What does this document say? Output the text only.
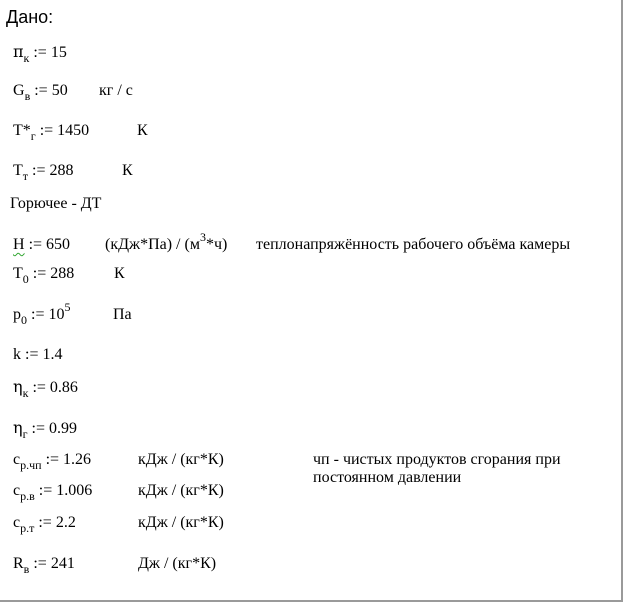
Дано:
$\pi_к$ := 15
$G_в$ := 50 кг / с
$T*_г$ := 1450	К
$T_т$ := 288	К
Горючее - ДТ
H := 650 $(кДж*Па) / (м^3*ч)$ теплонапряжённость рабочего объёма камеры
$T_0$ := 288 К
$p_0$ := $10^5$	Па
k := 1.4
$\eta_к$ := 0.86
$\eta_г$ := 0.99
$c_{р.чп}$ := 1.26	кДж / (кг*К)
$c_{р.в}$ := 1.006	кДж / (кг*К)
$c_{р.т}$ := 2.2	кДж / (кг*К)
$R_в$ := 241	Дж / (кг*К)
чп - чистых продуктов сгорания при
постоянном давлении
